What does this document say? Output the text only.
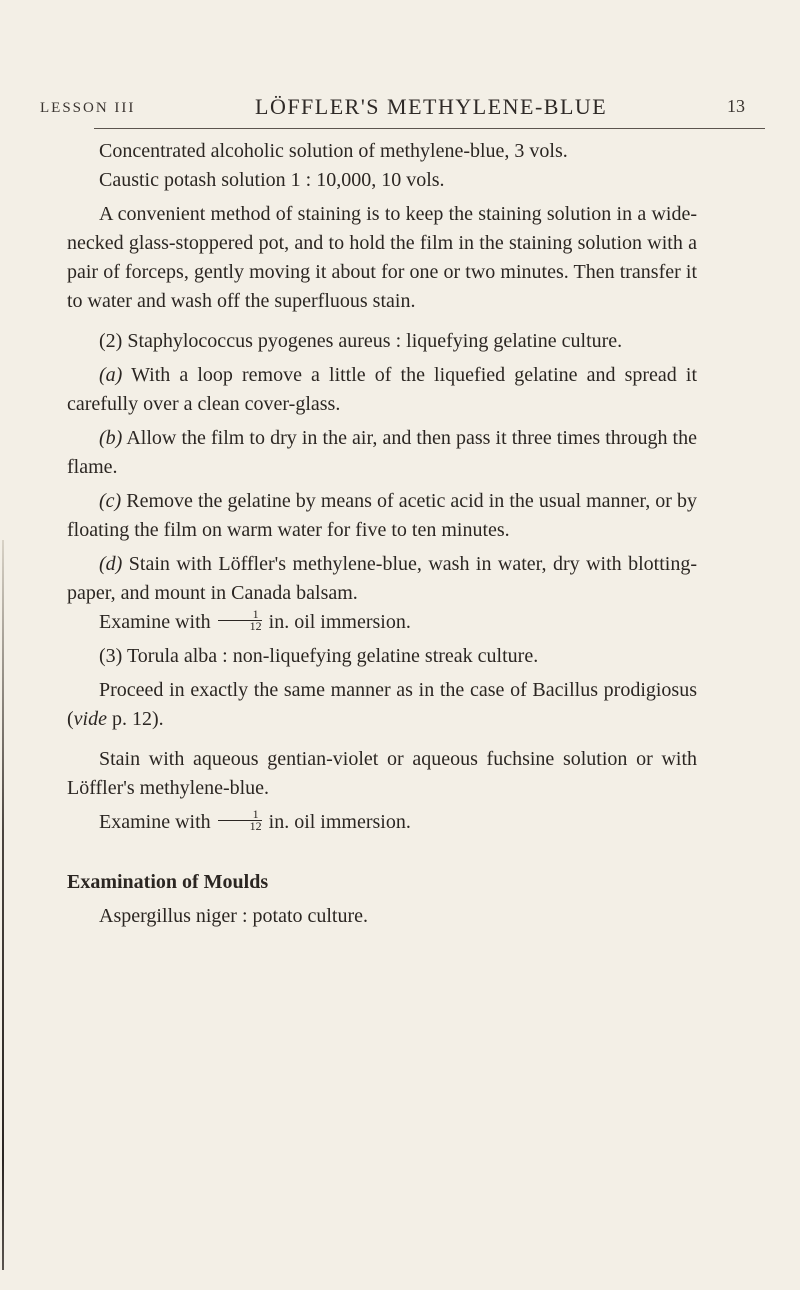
LESSON III	LÖFFLER'S METHYLENE-BLUE	13

Concentrated alcoholic solution of methylene-blue, 3 vols.

Caustic potash solution 1 : 10,000, 10 vols.

A convenient method of staining is to keep the staining solution in a wide-necked glass-stoppered pot, and to hold the film in the staining solution with a pair of forceps, gently moving it about for one or two minutes. Then transfer it to water and wash off the superfluous stain.

(2) Staphylococcus pyogenes aureus : liquefying gelatine culture.

(a) With a loop remove a little of the liquefied gelatine and spread it carefully over a clean cover-glass.

(b) Allow the film to dry in the air, and then pass it three times through the flame.

(c) Remove the gelatine by means of acetic acid in the usual manner, or by floating the film on warm water for five to ten minutes.

(d) Stain with Löffler's methylene-blue, wash in water, dry with blotting-paper, and mount in Canada balsam.

Examine with $\frac{1}{12}$ in. oil immersion.

(3) Torula alba : non-liquefying gelatine streak culture.

Proceed in exactly the same manner as in the case of Bacillus prodigiosus (vide p. 12).

Stain with aqueous gentian-violet or aqueous fuchsine solution or with Löffler's methylene-blue.

Examine with $\frac{1}{12}$ in. oil immersion.

Examination of Moulds

Aspergillus niger : potato culture.
